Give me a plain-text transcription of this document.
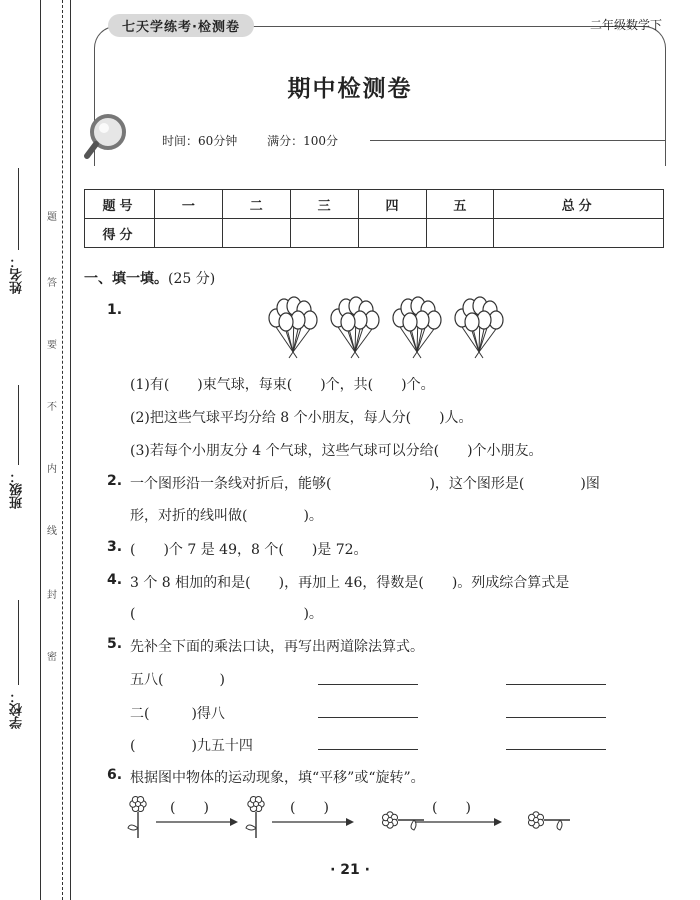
姓名：
班级：
学校：
题
答
要
不
内
线
封
密
七天学练考·检测卷	二年级数学下
期中检测卷
时间：60分钟 满分：100分
题号	一	二	三	四	五	总分
得分						
一、填一填。(25 分)
1.
(1)有(　　)束气球，每束(　　)个，共(　　)个。
(2)把这些气球平均分给 8 个小朋友，每人分(　　)人。
(3)若每个小朋友分 4 个气球，这些气球可以分给(　　)个小朋友。
2. 一个图形沿一条线对折后，能够(　　　　　　　)，这个图形是(　　　　)图
形，对折的线叫做(　　　　)。
3. (　　)个 7 是 49，8 个(　　)是 72。
4. 3 个 8 相加的和是(　　)，再加上 46，得数是(　　)。列成综合算式是
(　　　　　　　　　　　　)。
5. 先补全下面的乘法口诀，再写出两道除法算式。
五八(　　　　)
二(　　　)得八
(　　　　)九五十四
6. 根据图中物体的运动现象，填“平移”或“旋转”。
(　　)	(　　)	(　　)
· 21 ·
